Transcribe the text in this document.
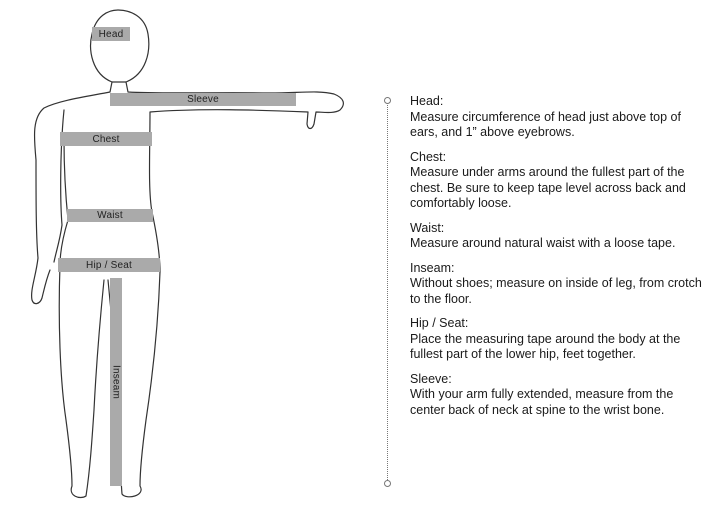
Head
Sleeve
Chest
Waist
Hip / Seat
Inseam

Head:

Measure circumference of head just above top of ears, and 1” above eyebrows.

Chest:

Measure under arms around the fullest part of the chest. Be sure to keep tape level across back and comfortably loose.

Waist:

Measure around natural waist with a loose tape.

Inseam:

Without shoes; measure on inside of leg, from crotch to the floor.

Hip / Seat:

Place the measuring tape around the body at the fullest part of the lower hip, feet together.

Sleeve:

With your arm fully extended, measure from the center back of neck at spine to the wrist bone.
